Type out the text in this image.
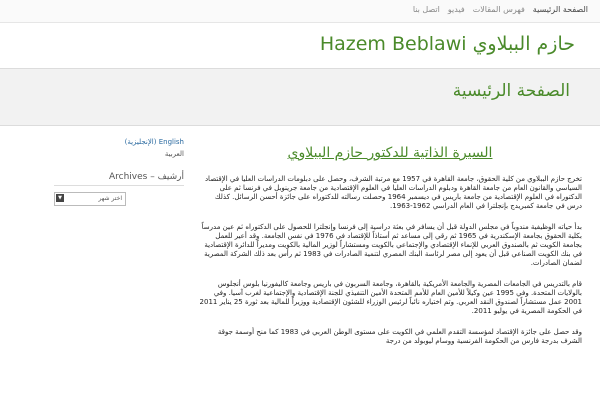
الصفحة الرئيسية
فهرس المقالات
فيديو
اتصل بنا
Hazem Beblawi حازم الببلاوي
الصفحة الرئيسية
English (الإنجليزية)
العربية
Archives – أرشيف
▼	اختر شهر
السيرة الذاتية للدكتور حازم الببلاوي

تخرج حازم الببلاوي من كلية الحقوق، جامعة القاهرة في 1957 مع مرتبة الشرف، وحصل على دبلومات الدراسات العليا في الإقتصاد السياسي والقانون العام من جامعة القاهرة ودبلوم الدراسات العليا في العلوم الإقتصادية من جامعة جرينوبل في فرنسا ثم على الدكتوراه في العلوم الإقتصادية من جامعة باريس في ديسمبر 1964 وحصلت رسالته للدكتوراه على جائزة أحسن الرسائل. كذلك درس في جامعة كمبريدج بإنجلترا في العام الدراسي 1962-1963.

بدأ حياته الوظيفية مندوباً في مجلس الدولة قبل أن يسافر في بعثة دراسية إلى فرنسا وإنجلترا للحصول على الدكتوراه ثم عين مدرساً بكلية الحقوق بجامعة الإسكندرية في 1965 ثم رقي إلى مساعد ثم أستاذاً للإقتصاد في 1976 في نفس الجامعة. وقد أعير للعمل بجامعة الكويت ثم بالصندوق العربي للإنماء الإقتصادي والإجتماعي بالكويت ومستشاراً لوزير المالية بالكويت ومديراً للدائرة الإقتصادية في بنك الكويت الصناعي قبل أن يعود إلى مصر لرئاسة البنك المصري لتنمية الصادرات في 1983 ثم رأس بعد ذلك الشركة المصرية لضمان الصادرات.

قام بالتدريس في الجامعات المصرية والجامعة الأمريكية بالقاهرة، وجامعة السربون في باريس وجامعة كاليفورنيا بلوس أنجلوس بالولايات المتحدة. وفي 1995 عين وكيلاً للأمين العام للأمم المتحدة الأمين التنفيذي للجنة الإقتصادية والإجتماعية لغرب آسيا. وفي 2001 عمل مستشاراً لصندوق النقد العربي. وتم اختياره نائباً لرئيس الوزراء للشئون الإقتصادية ووزيراً للمالية بعد ثورة 25 يناير 2011 في الحكومة المصرية في يوليو 2011.

وقد حصل على جائزة الإقتصاد لمؤسسة التقدم العلمي في الكويت على مستوى الوطن العربي في 1983 كما منح أوسمة جوقة الشرف بدرجة فارس من الحكومة الفرنسية ووسام ليوبولد من درجة
